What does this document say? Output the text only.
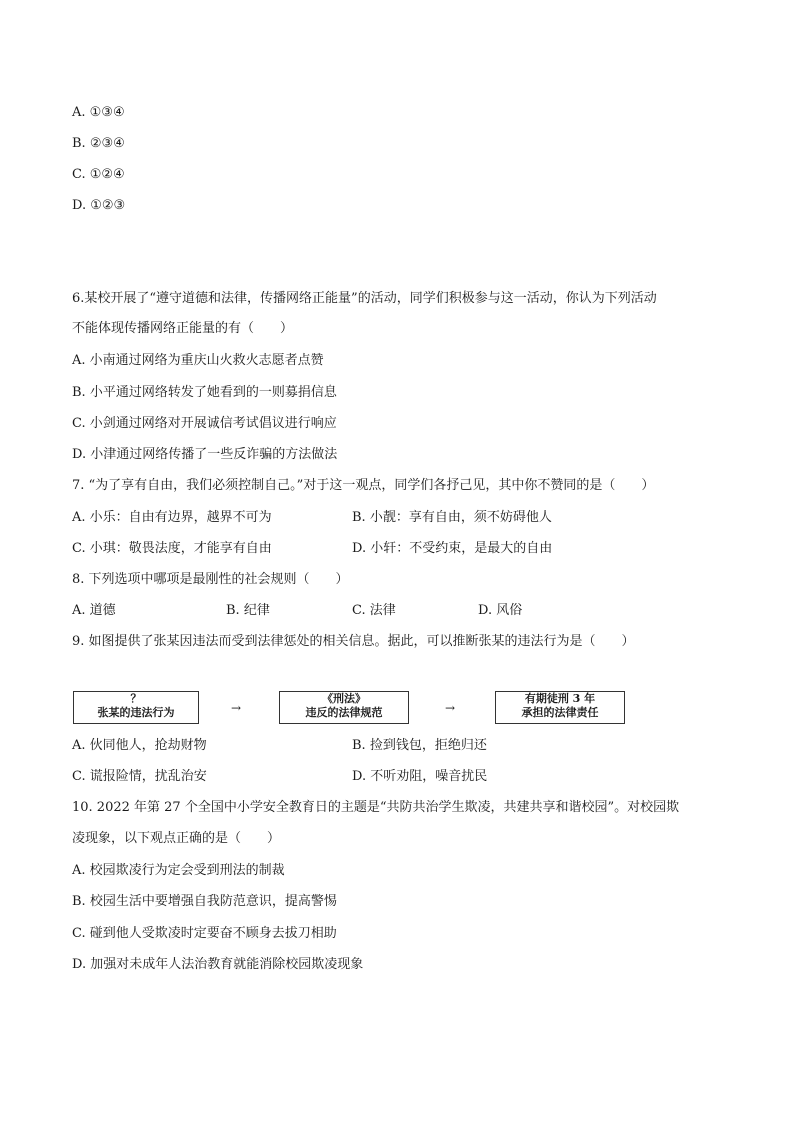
A. ①③④
B. ②③④
C. ①②④
D. ①②③
6.某校开展了“遵守道德和法律，传播网络正能量”的活动，同学们积极参与这一活动，你认为下列活动
不能体现传播网络正能量的有（　　）
A. 小南通过网络为重庆山火救火志愿者点赞
B. 小平通过网络转发了她看到的一则募捐信息
C. 小剑通过网络对开展诚信考试倡议进行响应
D. 小津通过网络传播了一些反诈骗的方法做法
7. “为了享有自由，我们必须控制自己。”对于这一观点，同学们各抒己见，其中你不赞同的是（　　）
A. 小乐：自由有边界，越界不可为	B. 小靓：享有自由，须不妨碍他人
C. 小琪：敬畏法度，才能享有自由	D. 小轩：不受约束，是最大的自由
8. 下列选项中哪项是最刚性的社会规则（　　）
A. 道德	B. 纪律	C. 法律	D. 风俗
9. 如图提供了张某因违法而受到法律惩处的相关信息。据此，可以推断张某的违法行为是（　　）
？
张某的违法行为	→
《刑法》
违反的法律规范	→
有期徒刑 3 年
承担的法律责任
A. 伙同他人，抢劫财物	B. 捡到钱包，拒绝归还
C. 谎报险情，扰乱治安	D. 不听劝阻，噪音扰民
10. 2022 年第 27 个全国中小学安全教育日的主题是“共防共治学生欺凌，共建共享和谐校园”。对校园欺
凌现象，以下观点正确的是（　　）
A. 校园欺凌行为定会受到刑法的制裁
B. 校园生活中要增强自我防范意识，提高警惕
C. 碰到他人受欺凌时定要奋不顾身去拔刀相助
D. 加强对未成年人法治教育就能消除校园欺凌现象
